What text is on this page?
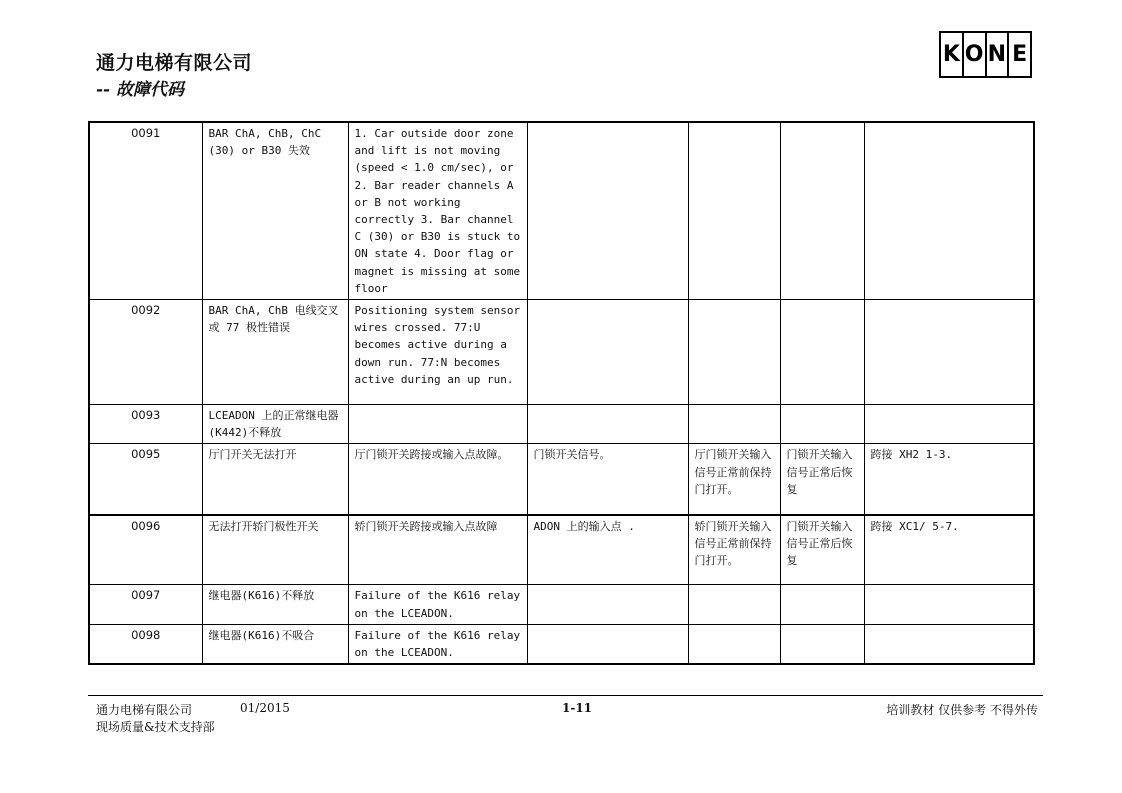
通力电梯有限公司
-- 故障代码
K O N E
0091	BAR ChA, ChB, ChC (30) or B30 失效	1. Car outside door zone and lift is not moving (speed < 1.0 cm/sec), or 2. Bar reader channels A or B not working correctly 3. Bar channel C (30) or B30 is stuck to ON state 4. Door flag or magnet is missing at some floor				
0092	BAR ChA, ChB 电线交叉 或 77 极性错误	Positioning system sensor wires crossed. 77:U becomes active during a down run. 77:N becomes active during an up run.				
0093	LCEADON 上的正常继电器(K442)不释放					
0095	厅门开关无法打开	厅门锁开关跨接或输入点故障。	门锁开关信号。	厅门锁开关输入信号正常前保持门打开。	门锁开关输入信号正常后恢复	跨接 XH2 1-3.
0096	无法打开轿门极性开关	轿门锁开关跨接或输入点故障	ADON 上的输入点 .	轿门锁开关输入信号正常前保持门打开。	门锁开关输入信号正常后恢复	跨接 XC1/ 5-7.
0097	继电器(K616)不释放	Failure of the K616 relay on the LCEADON.				
0098	继电器(K616)不吸合	Failure of the K616 relay on the LCEADON.				
通力电梯有限公司	01/2015	1-11	培训教材 仅供参考 不得外传
现场质量&技术支持部
